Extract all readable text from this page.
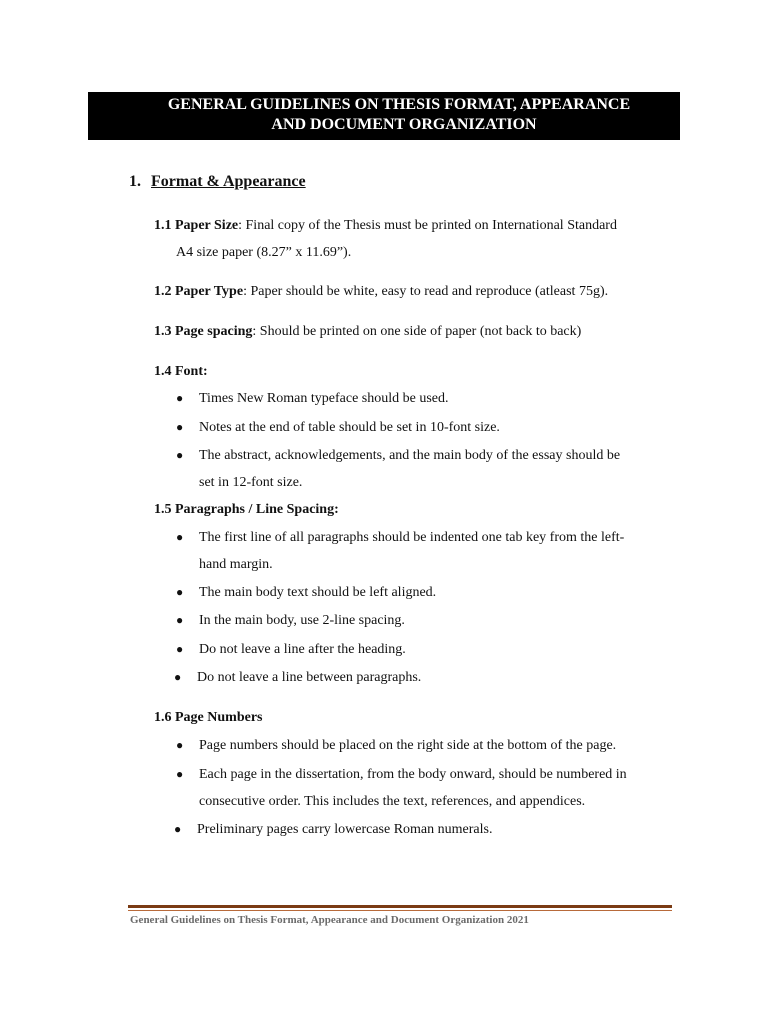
GENERAL GUIDELINES ON THESIS FORMAT, APPEARANCE
AND DOCUMENT ORGANIZATION
1. Format & Appearance
1.1 Paper Size: Final copy of the Thesis must be printed on International Standard
A4 size paper (8.27” x 11.69”).
1.2 Paper Type: Paper should be white, easy to read and reproduce (atleast 75g).
1.3 Page spacing: Should be printed on one side of paper (not back to back)
1.4 Font:
● Times New Roman typeface should be used.
● Notes at the end of table should be set in 10-font size.
● The abstract, acknowledgements, and the main body of the essay should be
set in 12-font size.
1.5 Paragraphs / Line Spacing:
● The first line of all paragraphs should be indented one tab key from the left-
hand margin.
● The main body text should be left aligned.
● In the main body, use 2-line spacing.
● Do not leave a line after the heading.
● Do not leave a line between paragraphs.
1.6 Page Numbers
● Page numbers should be placed on the right side at the bottom of the page.
● Each page in the dissertation, from the body onward, should be numbered in
consecutive order. This includes the text, references, and appendices.
● Preliminary pages carry lowercase Roman numerals.
General Guidelines on Thesis Format, Appearance and Document Organization 2021
